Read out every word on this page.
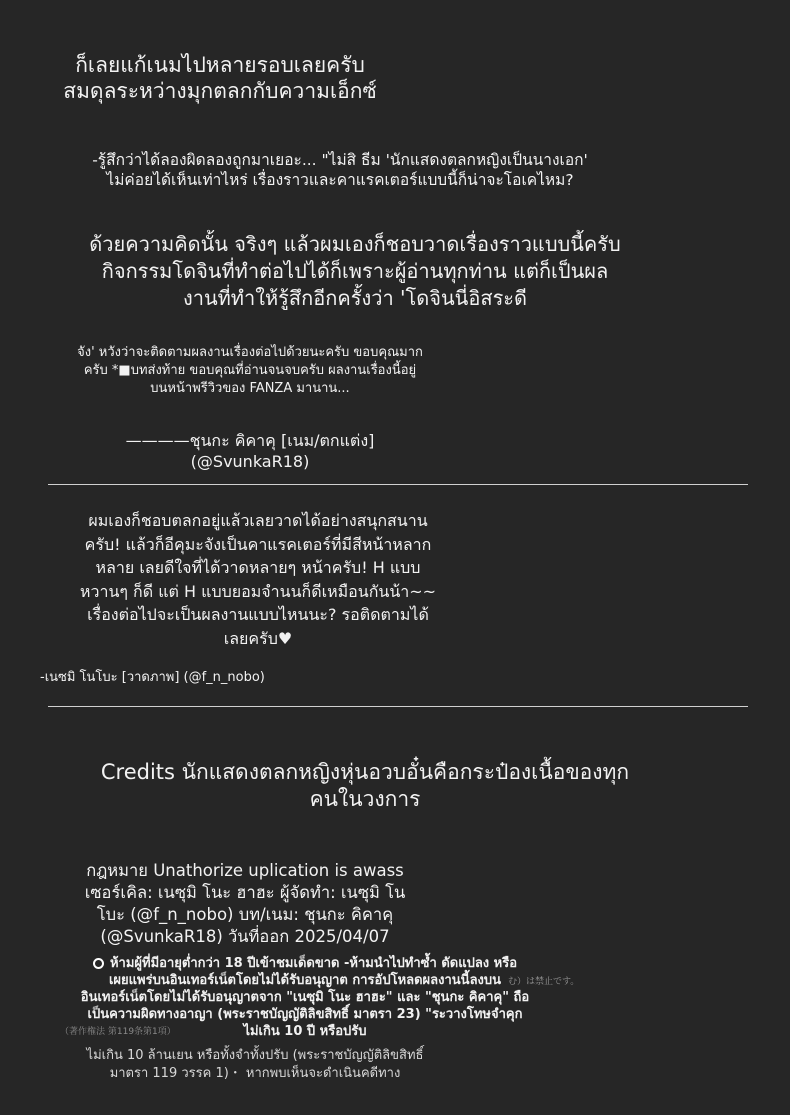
ก็เลยแก้เนมไปหลายรอบเลยครับ
สมดุลระหว่างมุกตลกกับความเอ็กซ์
-รู้สึกว่าได้ลองผิดลองถูกมาเยอะ... "ไม่สิ ธีม 'นักแสดงตลกหญิงเป็นนางเอก'
ไม่ค่อยได้เห็นเท่าไหร่ เรื่องราวและคาแรคเตอร์แบบนี้ก็น่าจะโอเคไหม?
ด้วยความคิดนั้น จริงๆ แล้วผมเองก็ชอบวาดเรื่องราวแบบนี้ครับ
กิจกรรมโดจินที่ทำต่อไปได้ก็เพราะผู้อ่านทุกท่าน แต่ก็เป็นผล
งานที่ทำให้รู้สึกอีกครั้งว่า 'โดจินนี่อิสระดี
จัง' หวังว่าจะติดตามผลงานเรื่องต่อไปด้วยนะครับ ขอบคุณมาก
ครับ *■บทส่งท้าย ขอบคุณที่อ่านจนจบครับ ผลงานเรื่องนี้อยู่
บนหน้าพรีวิวของ FANZA มานาน...
————ชุนกะ คิคาคุ [เนม/ตกแต่ง]
(@SvunkaR18)
ผมเองก็ชอบตลกอยู่แล้วเลยวาดได้อย่างสนุกสนาน
ครับ! แล้วก็อีคุมะจังเป็นคาแรคเตอร์ที่มีสีหน้าหลาก
หลาย เลยดีใจที่ได้วาดหลายๆ หน้าครับ! H แบบ
หวานๆ ก็ดี แต่ H แบบยอมจำนนก็ดีเหมือนกันน้า~~
เรื่องต่อไปจะเป็นผลงานแบบไหนนะ? รอติดตามได้
เลยครับ♥
-เนซมิ โนโบะ [วาดภาพ] (@f_n_nobo)
Credits นักแสดงตลกหญิงหุ่นอวบอั๋นคือกระป๋องเนื้อของทุก
คนในวงการ
กฎหมาย Unathorize uplication is awass
เซอร์เคิล: เนซุมิ โนะ ฮาฮะ ผู้จัดทำ: เนซุมิ โน
โบะ (@f_n_nobo) บท/เนม: ชุนกะ คิคาคุ
(@SvunkaR18) วันที่ออก 2025/04/07
ห้ามผู้ที่มีอายุต่ำกว่า 18 ปีเข้าชมเด็ดขาด -ห้ามนำไปทำซ้ำ ดัดแปลง หรือ
เผยแพร่บนอินเทอร์เน็ตโดยไม่ได้รับอนุญาต การอัปโหลดผลงานนี้ลงบน
อินเทอร์เน็ตโดยไม่ได้รับอนุญาตจาก "เนซุมิ โนะ ฮาฮะ" และ "ชุนกะ คิคาคุ" ถือ
เป็นความผิดทางอาญา (พระราชบัญญัติลิขสิทธิ์ มาตรา 23) "ระวางโทษจำคุก
ไม่เกิน 10 ปี หรือปรับ
む）は禁止です。
（著作権法 第119条第1項）
ไม่เกิน 10 ล้านเยน หรือทั้งจำทั้งปรับ (พระราชบัญญัติลิขสิทธิ์
มาตรา 119 วรรค 1)・ หากพบเห็นจะดำเนินคดีทาง
